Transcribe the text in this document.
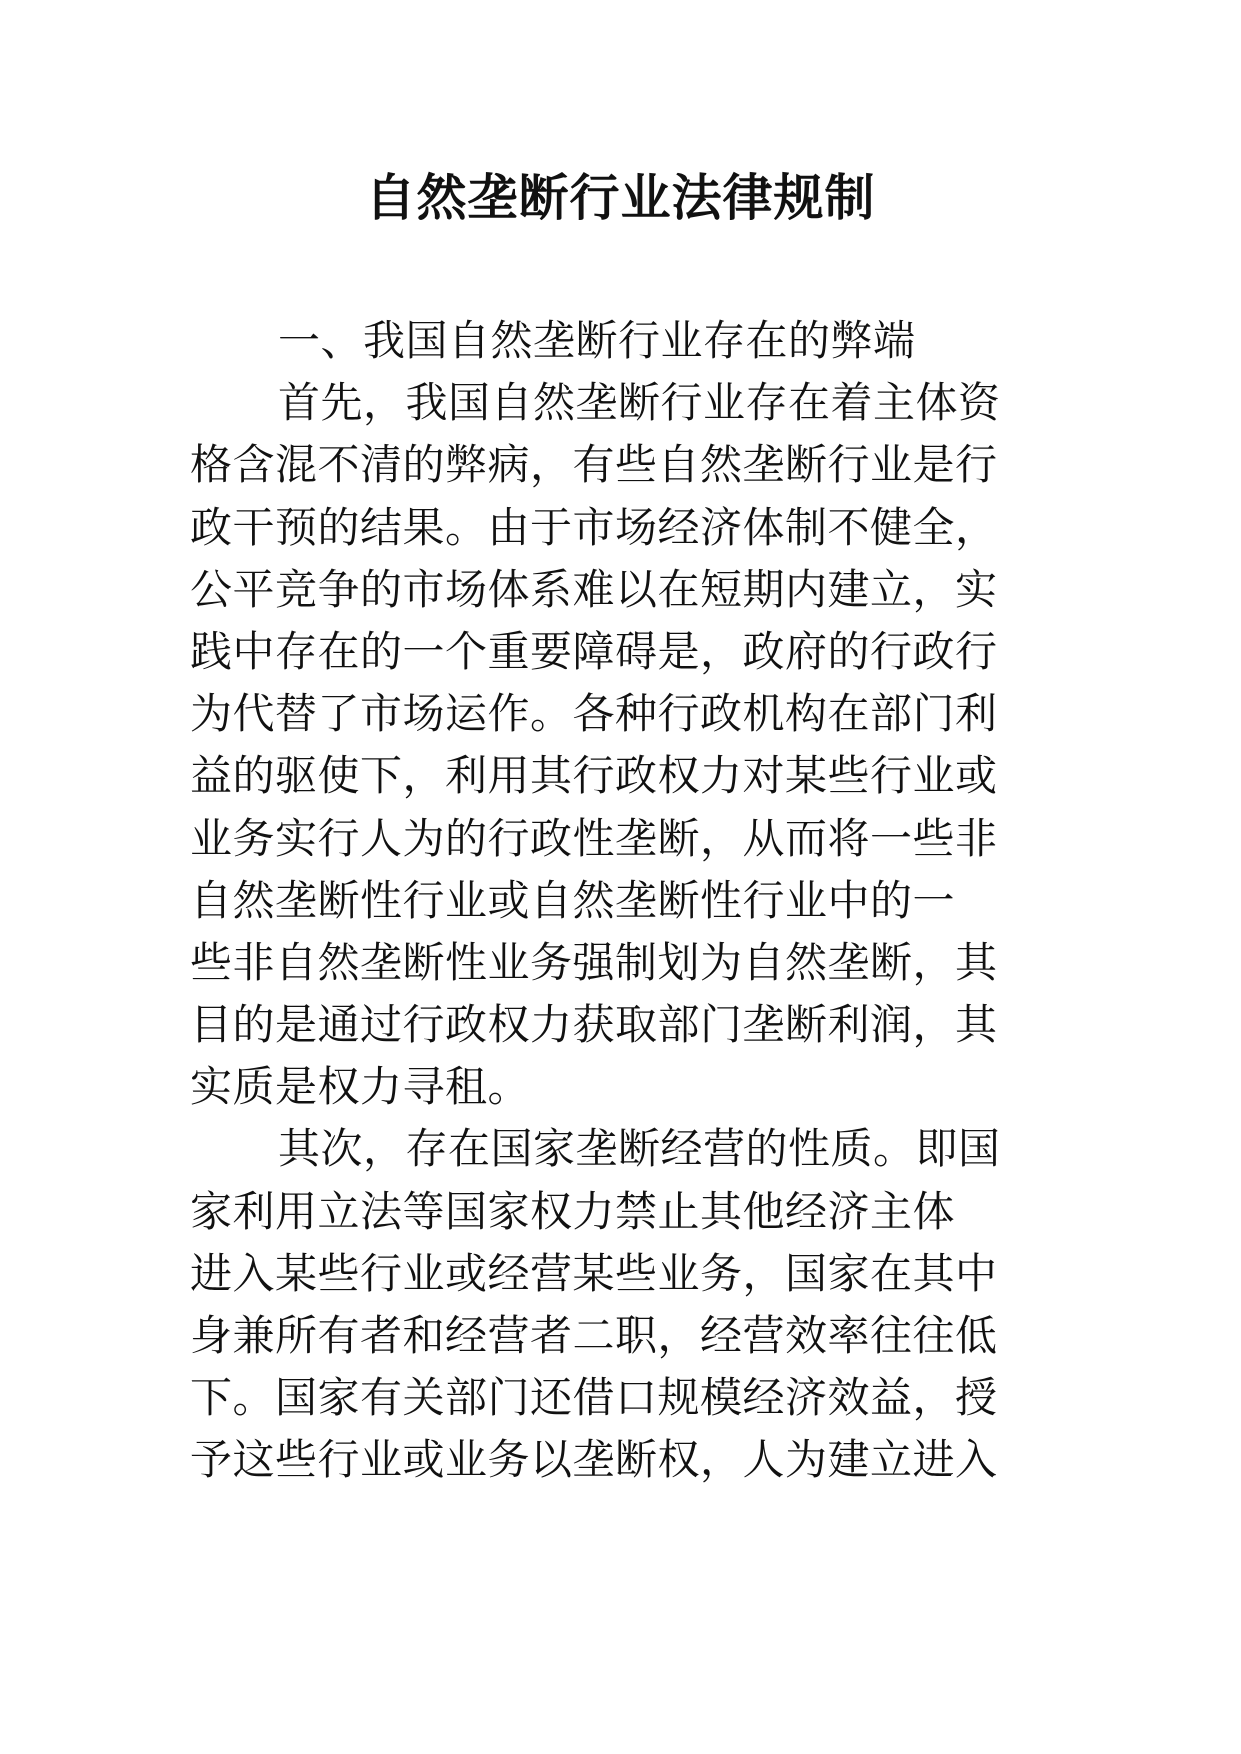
自然垄断行业法律规制
一、我国自然垄断行业存在的弊端
首先，我国自然垄断行业存在着主体资
格含混不清的弊病，有些自然垄断行业是行
政干预的结果。由于市场经济体制不健全，
公平竞争的市场体系难以在短期内建立，实
践中存在的一个重要障碍是，政府的行政行
为代替了市场运作。各种行政机构在部门利
益的驱使下，利用其行政权力对某些行业或
业务实行人为的行政性垄断，从而将一些非
自然垄断性行业或自然垄断性行业中的一
些非自然垄断性业务强制划为自然垄断，其
目的是通过行政权力获取部门垄断利润，其
实质是权力寻租。
其次，存在国家垄断经营的性质。即国
家利用立法等国家权力禁止其他经济主体
进入某些行业或经营某些业务，国家在其中
身兼所有者和经营者二职，经营效率往往低
下。国家有关部门还借口规模经济效益，授
予这些行业或业务以垄断权，人为建立进入
